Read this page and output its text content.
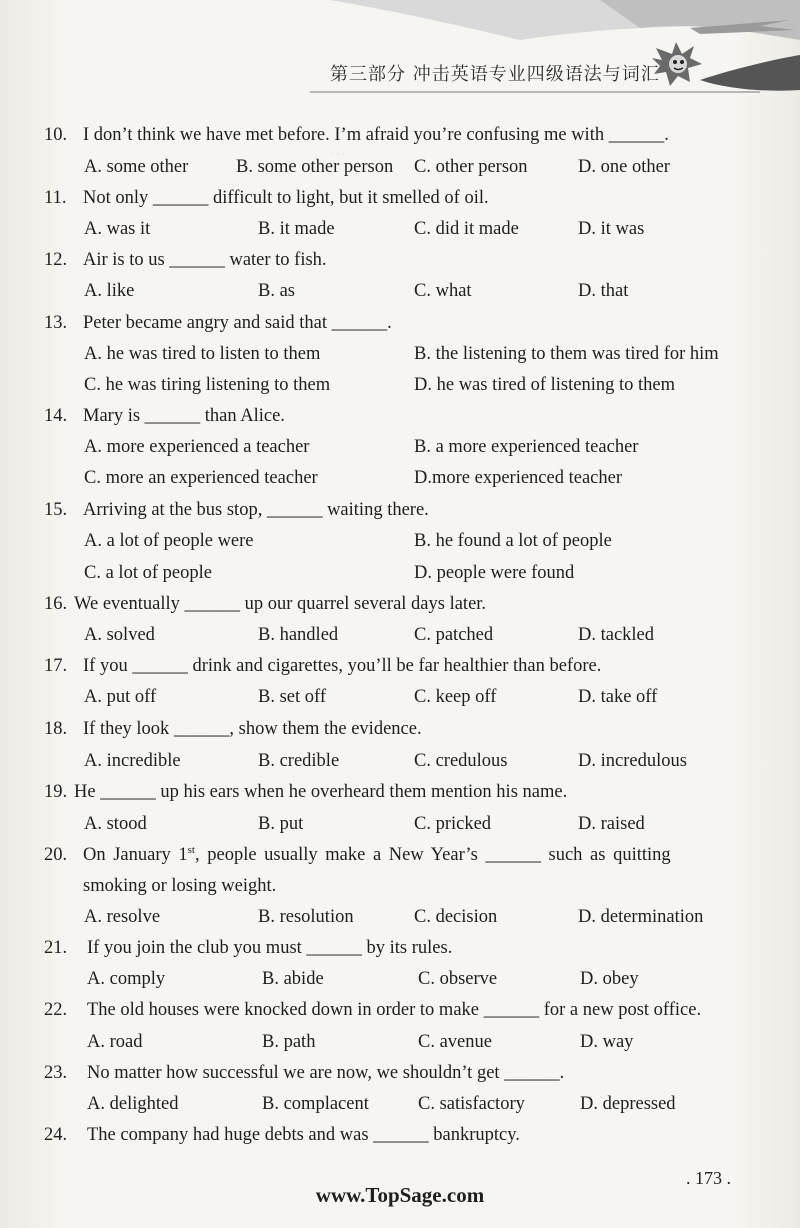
第三部分 冲击英语专业四级语法与词汇
…
10. I don’t think we have met before. I’m afraid you’re confusing me with ______.
A. some other	B. some other person C. other person	D. one other
11. Not only ______ difficult to light, but it smelled of oil.
A. was it	B. it made	C. did it made	D. it was
12. Air is to us ______ water to fish.
A. like	B. as	C. what	D. that
13. Peter became angry and said that ______.
A. he was tired to listen to them	B. the listening to them was tired for him
C. he was tiring listening to them	D. he was tired of listening to them
14. Mary is ______ than Alice.
A. more experienced a teacher	B. a more experienced teacher
C. more an experienced teacher	D.more experienced teacher
15. Arriving at the bus stop, ______ waiting there.
A. a lot of people were	B. he found a lot of people
C. a lot of people	D. people were found
16. We eventually ______ up our quarrel several days later.
A. solved	B. handled	C. patched	D. tackled
17. If you ______ drink and cigarettes, you’ll be far healthier than before.
A. put off	B. set off	C. keep off	D. take off
18. If they look ______, show them the evidence.
A. incredible	B. credible	C. credulous	D. incredulous
19. He ______ up his ears when he overheard them mention his name.
A. stood	B. put	C. pricked	D. raised
20. On January 1st, people usually make a New Year’s ______ such as quitting
smoking or losing weight.
A. resolve	B. resolution	C. decision	D. determination
21. If you join the club you must ______ by its rules.
A. comply	B. abide	C. observe	D. obey
22. The old houses were knocked down in order to make ______ for a new post office.
A. road	B. path	C. avenue	D. way
23. No matter how successful we are now, we shouldn’t get ______.
A. delighted	B. complacent	C. satisfactory	D. depressed
24. The company had huge debts and was ______ bankruptcy.
. 173 .
www.TopSage.com
